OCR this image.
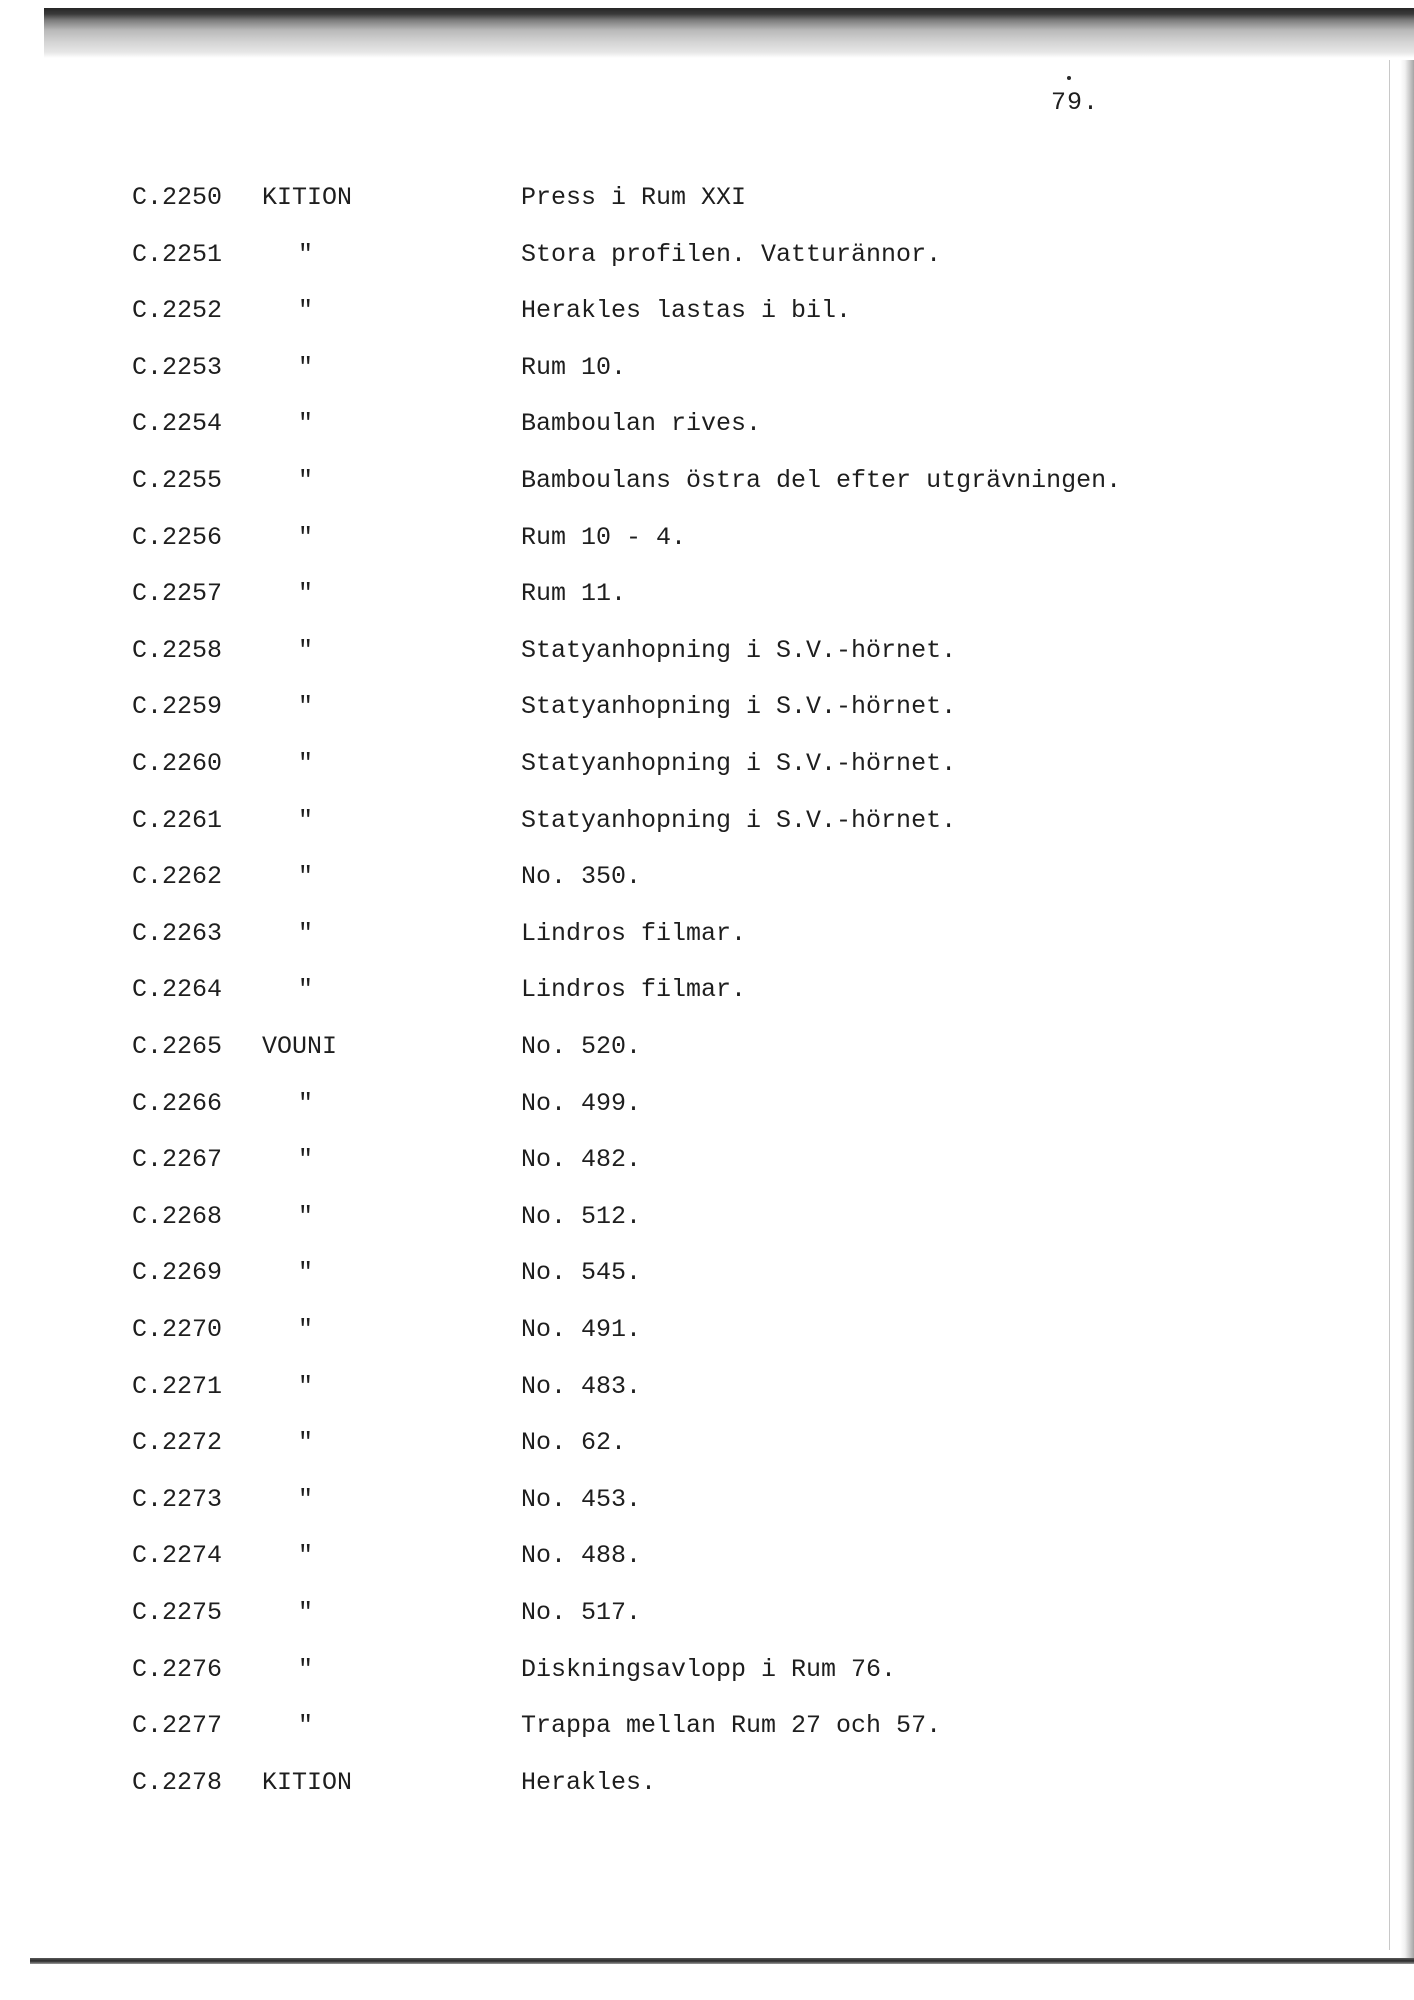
79.
C.2250 KITION	Press i Rum XXI
C.2251	"	Stora profilen. Vatturännor.
C.2252	"	Herakles lastas i bil.
C.2253	"	Rum 10.
C.2254	"	Bamboulan rives.
C.2255	"	Bamboulans östra del efter utgrävningen.
C.2256	"	Rum 10 - 4.
C.2257	"	Rum 11.
C.2258	"	Statyanhopning i S.V.-hörnet.
C.2259	"	Statyanhopning i S.V.-hörnet.
C.2260	"	Statyanhopning i S.V.-hörnet.
C.2261	"	Statyanhopning i S.V.-hörnet.
C.2262	"	No. 350.
C.2263	"	Lindros filmar.
C.2264	"	Lindros filmar.
C.2265 VOUNI	No. 520.
C.2266	"	No. 499.
C.2267	"	No. 482.
C.2268	"	No. 512.
C.2269	"	No. 545.
C.2270	"	No. 491.
C.2271	"	No. 483.
C.2272	"	No. 62.
C.2273	"	No. 453.
C.2274	"	No. 488.
C.2275	"	No. 517.
C.2276	"	Diskningsavlopp i Rum 76.
C.2277	"	Trappa mellan Rum 27 och 57.
C.2278 KITION	Herakles.
